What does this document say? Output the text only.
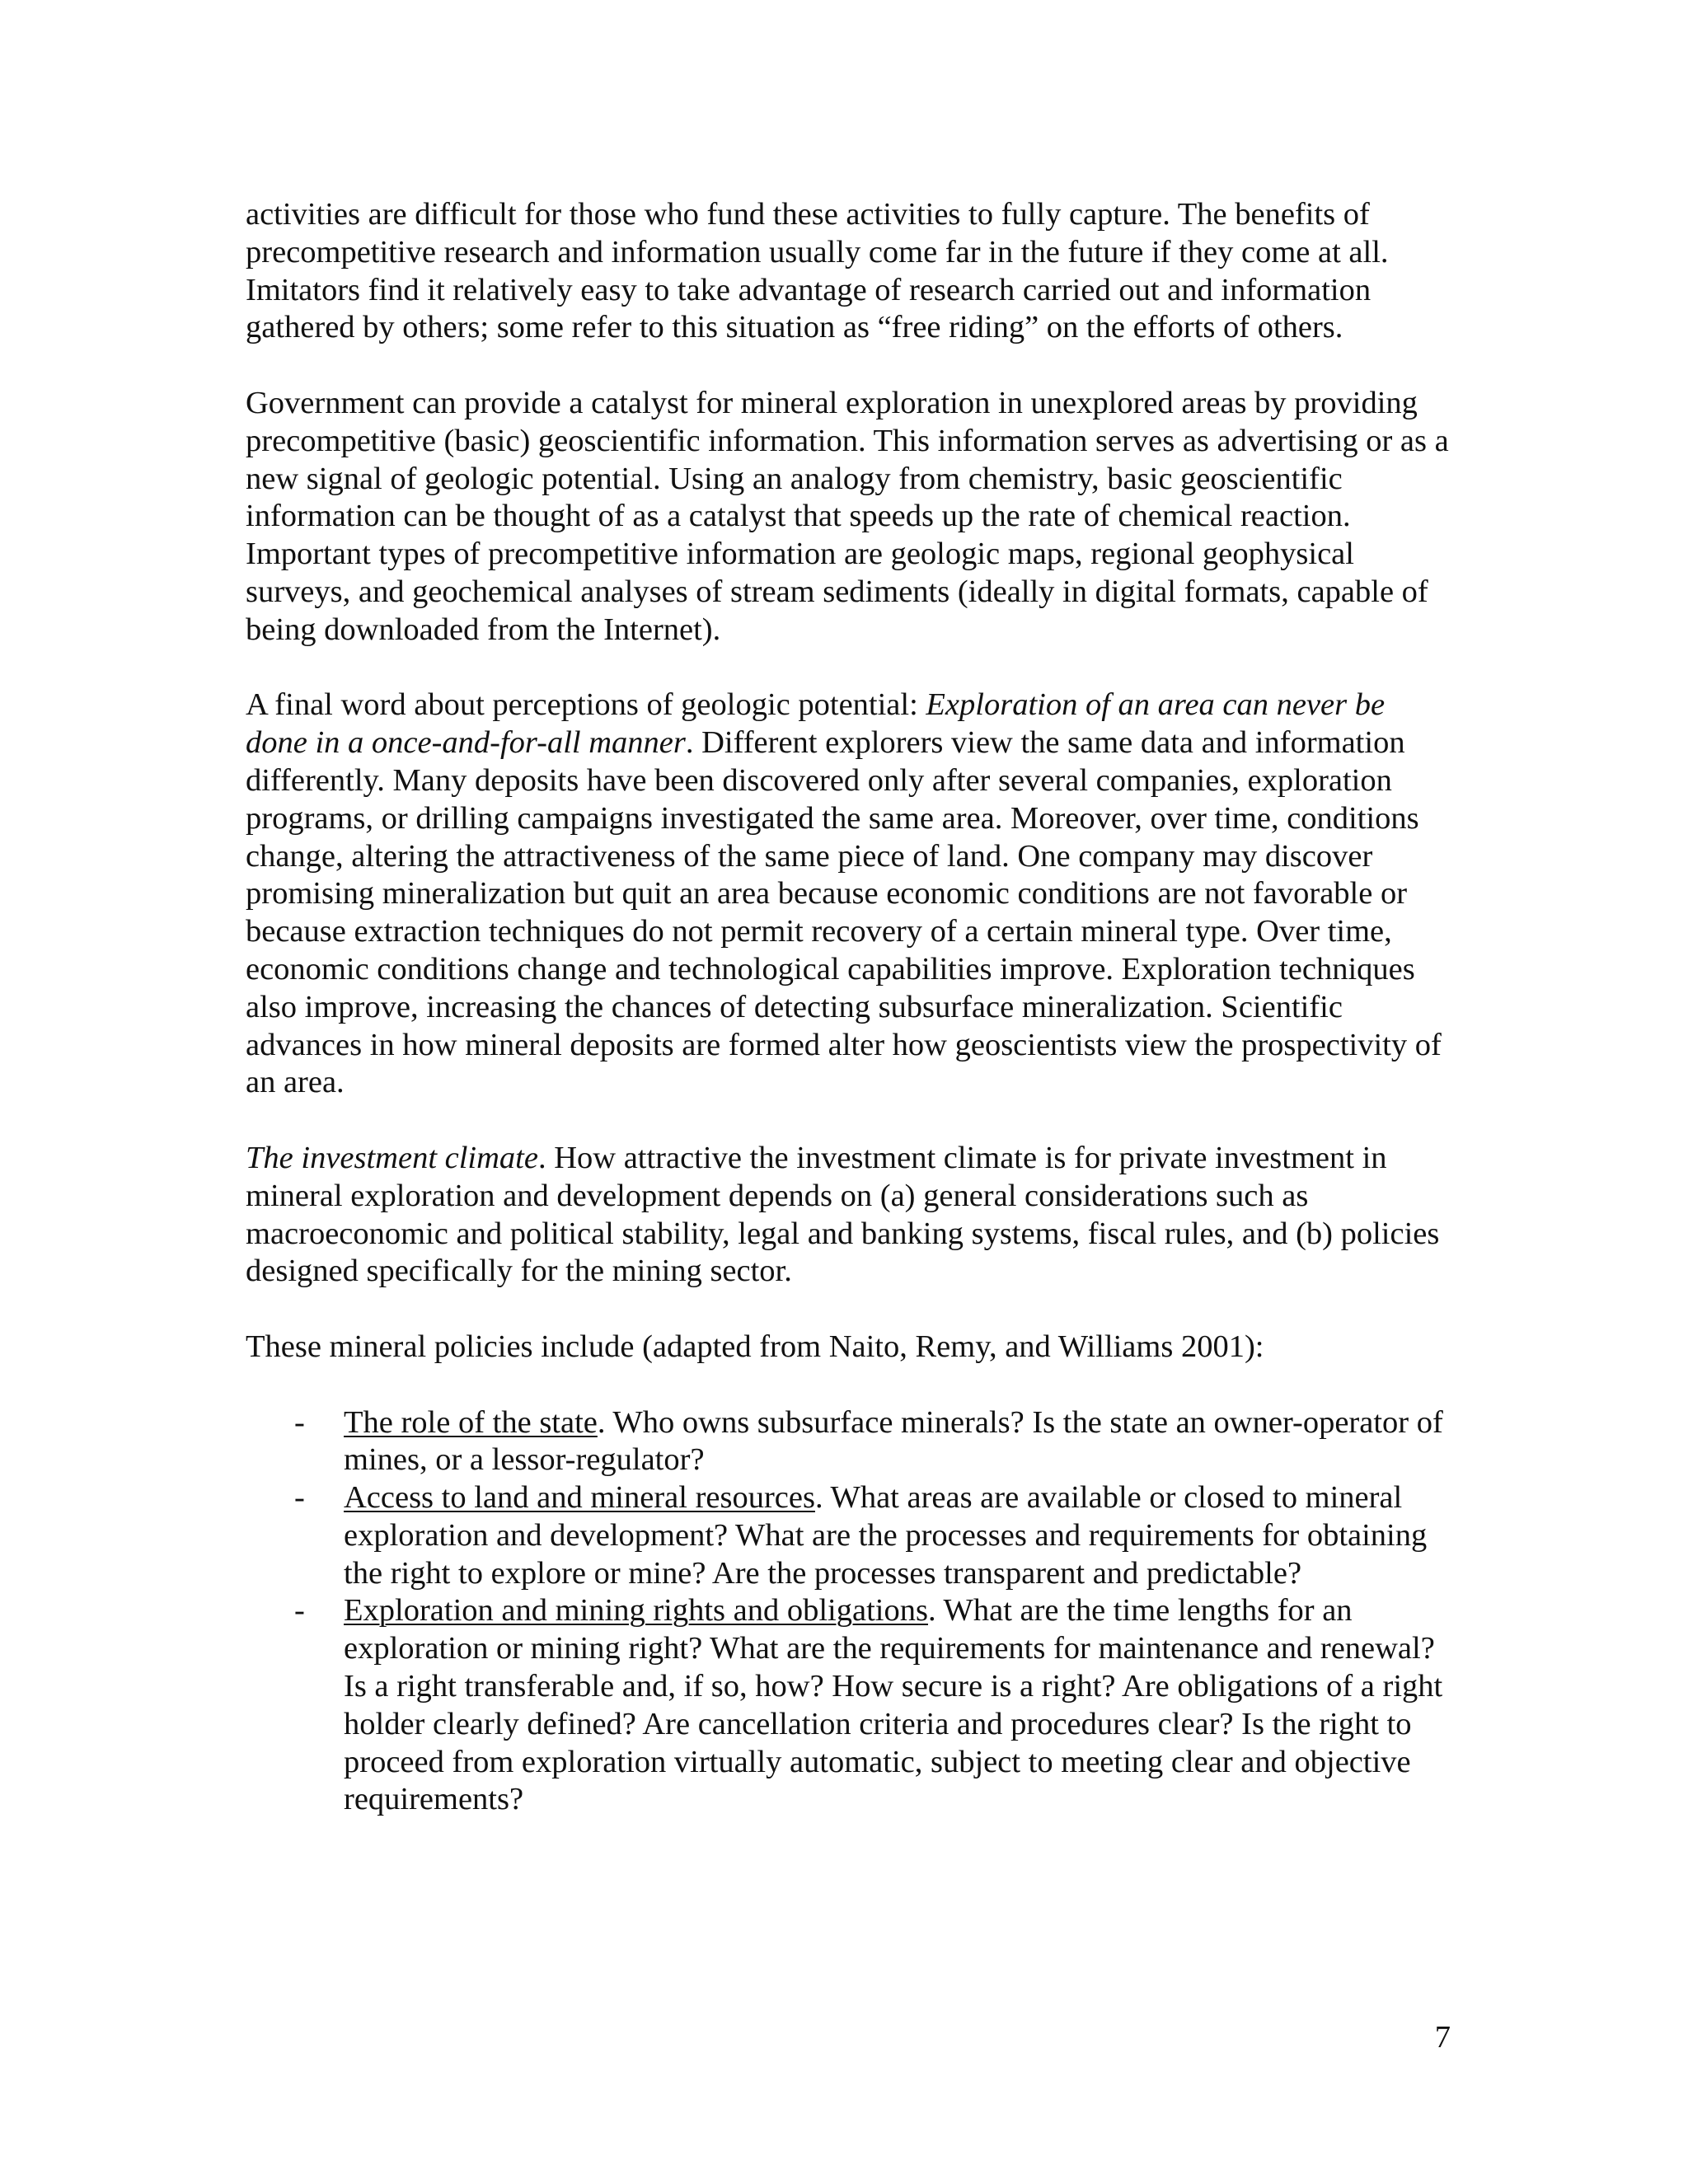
activities are difficult for those who fund these activities to fully capture. The benefits of precompetitive research and information usually come far in the future if they come at all. Imitators find it relatively easy to take advantage of research carried out and information gathered by others; some refer to this situation as “free riding” on the efforts of others.

Government can provide a catalyst for mineral exploration in unexplored areas by providing precompetitive (basic) geoscientific information. This information serves as advertising or as a new signal of geologic potential. Using an analogy from chemistry, basic geoscientific information can be thought of as a catalyst that speeds up the rate of chemical reaction. Important types of precompetitive information are geologic maps, regional geophysical surveys, and geochemical analyses of stream sediments (ideally in digital formats, capable of being downloaded from the Internet).

A final word about perceptions of geologic potential: Exploration of an area can never be done in a once-and-for-all manner. Different explorers view the same data and information differently. Many deposits have been discovered only after several companies, exploration programs, or drilling campaigns investigated the same area. Moreover, over time, conditions change, altering the attractiveness of the same piece of land. One company may discover promising mineralization but quit an area because economic conditions are not favorable or because extraction techniques do not permit recovery of a certain mineral type. Over time, economic conditions change and technological capabilities improve. Exploration techniques also improve, increasing the chances of detecting subsurface mineralization. Scientific advances in how mineral deposits are formed alter how geoscientists view the prospectivity of an area.

The investment climate. How attractive the investment climate is for private investment in mineral exploration and development depends on (a) general considerations such as macroeconomic and political stability, legal and banking systems, fiscal rules, and (b) policies designed specifically for the mining sector.

These mineral policies include (adapted from Naito, Remy, and Williams 2001):

- The role of the state. Who owns subsurface minerals? Is the state an owner-operator of mines, or a lessor-regulator?
- Access to land and mineral resources. What areas are available or closed to mineral exploration and development? What are the processes and requirements for obtaining the right to explore or mine? Are the processes transparent and predictable?
- Exploration and mining rights and obligations. What are the time lengths for an exploration or mining right? What are the requirements for maintenance and renewal? Is a right transferable and, if so, how? How secure is a right? Are obligations of a right holder clearly defined? Are cancellation criteria and procedures clear? Is the right to proceed from exploration virtually automatic, subject to meeting clear and objective requirements?
7
